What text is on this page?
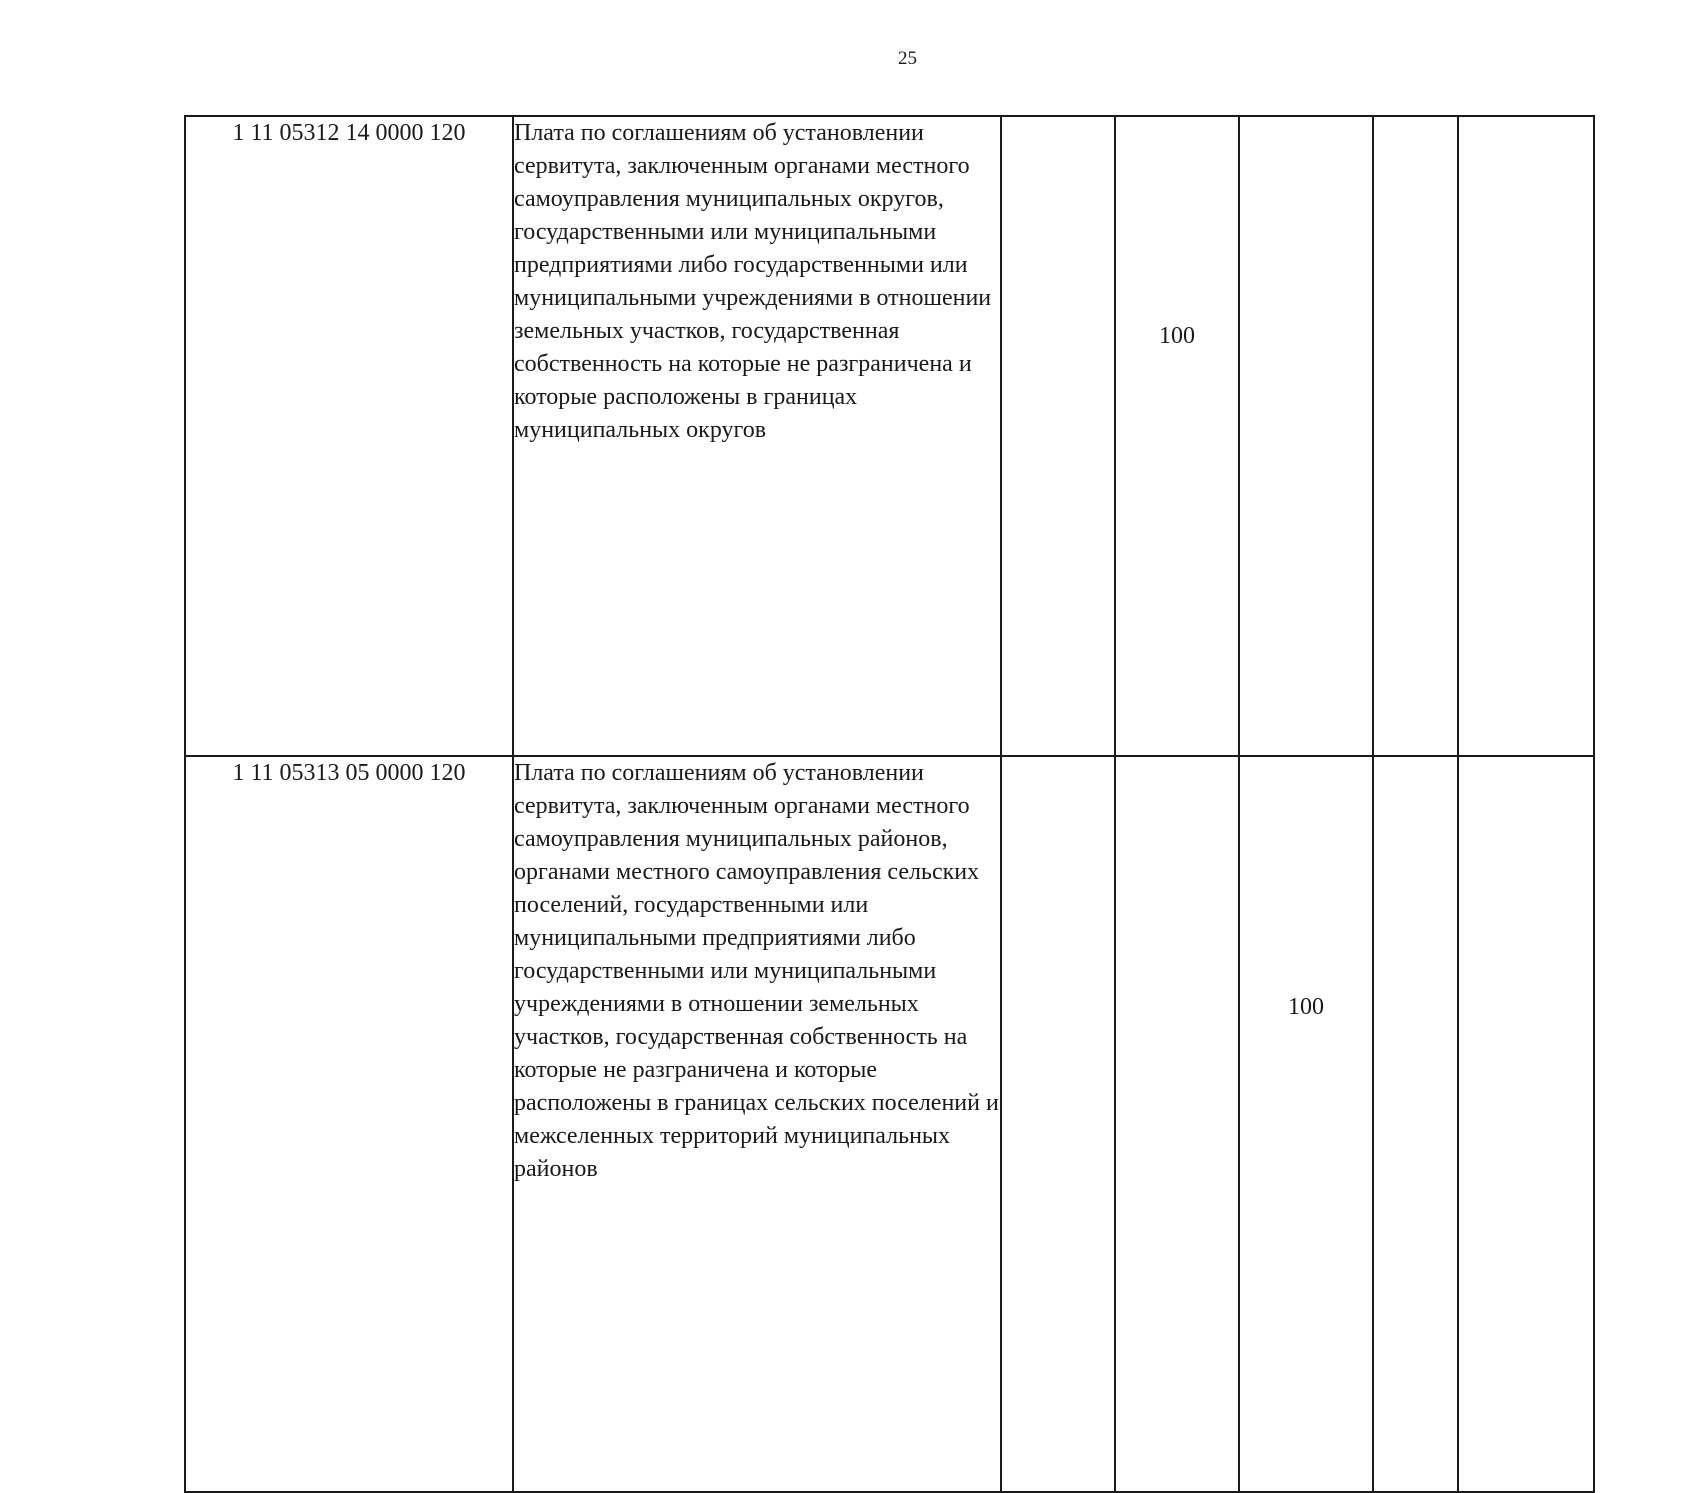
25
1 11 05312 14 0000 120	Плата по соглашениям об установлении сервитута, заключенным органами местного самоуправления муниципальных округов, государственными или муниципальными предприятиями либо государственными или муниципальными учреждениями в отношении земельных участков, государственная собственность на которые не разграничена и которые расположены в границах муниципальных округов		100			
1 11 05313 05 0000 120	Плата по соглашениям об установлении сервитута, заключенным органами местного самоуправления муниципальных районов, органами местного самоуправления сельских поселений, государственными или муниципальными предприятиями либо государственными или муниципальными учреждениями в отношении земельных участков, государственная собственность на которые не разграничена и которые расположены в границах сельских поселений и межселенных территорий муниципальных районов			100		
